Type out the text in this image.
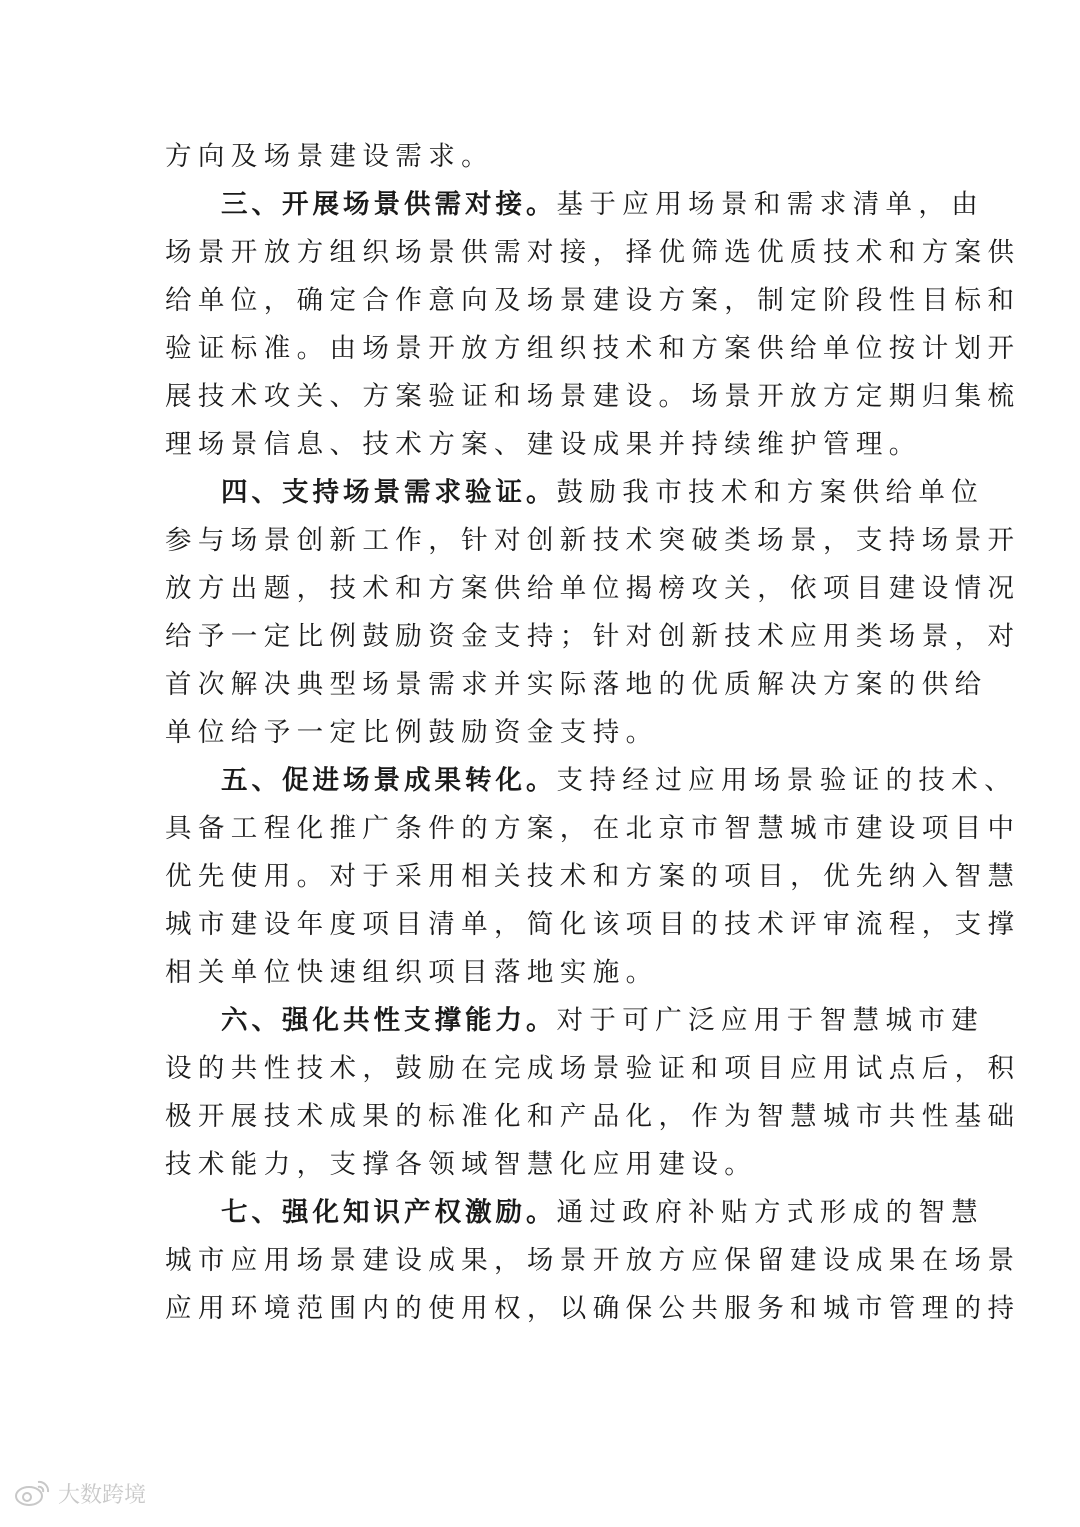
方向及场景建设需求。
三、开展场景供需对接。基于应用场景和需求清单，由
场景开放方组织场景供需对接，择优筛选优质技术和方案供
给单位，确定合作意向及场景建设方案，制定阶段性目标和
验证标准。由场景开放方组织技术和方案供给单位按计划开
展技术攻关、方案验证和场景建设。场景开放方定期归集梳
理场景信息、技术方案、建设成果并持续维护管理。
四、支持场景需求验证。鼓励我市技术和方案供给单位
参与场景创新工作，针对创新技术突破类场景，支持场景开
放方出题，技术和方案供给单位揭榜攻关，依项目建设情况
给予一定比例鼓励资金支持；针对创新技术应用类场景，对
首次解决典型场景需求并实际落地的优质解决方案的供给
单位给予一定比例鼓励资金支持。
五、促进场景成果转化。支持经过应用场景验证的技术、
具备工程化推广条件的方案，在北京市智慧城市建设项目中
优先使用。对于采用相关技术和方案的项目，优先纳入智慧
城市建设年度项目清单，简化该项目的技术评审流程，支撑
相关单位快速组织项目落地实施。
六、强化共性支撑能力。对于可广泛应用于智慧城市建
设的共性技术，鼓励在完成场景验证和项目应用试点后，积
极开展技术成果的标准化和产品化，作为智慧城市共性基础
技术能力，支撑各领域智慧化应用建设。
七、强化知识产权激励。通过政府补贴方式形成的智慧
城市应用场景建设成果，场景开放方应保留建设成果在场景
应用环境范围内的使用权，以确保公共服务和城市管理的持
大数跨境
